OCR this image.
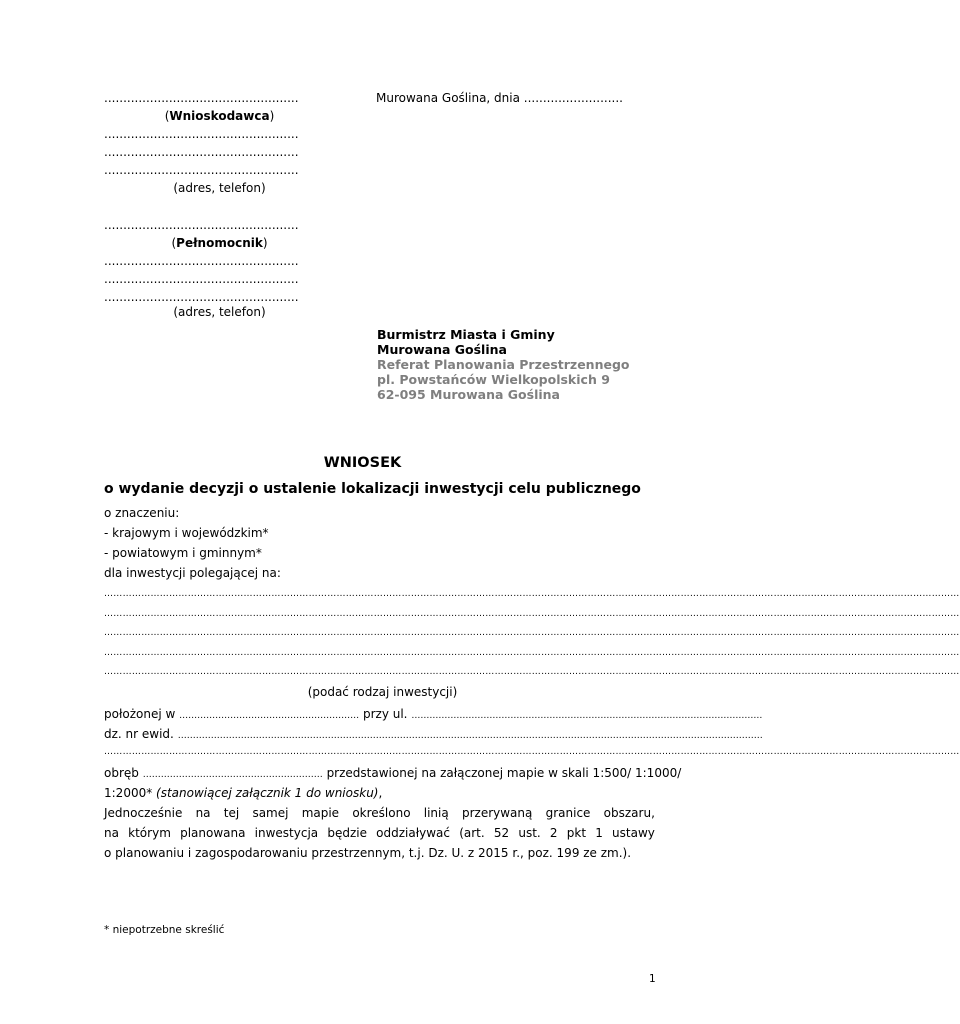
...................................................
(Wnioskodawca)
...................................................
...................................................
...................................................
(adres, telefon)
Murowana Goślina, dnia ..........................
...................................................
(Pełnomocnik)
...................................................
...................................................
...................................................
(adres, telefon)
Burmistrz Miasta i Gminy
Murowana Goślina
Referat Planowania Przestrzennego
pl. Powstańców Wielkopolskich 9
62-095 Murowana Goślina
WNIOSEK
o wydanie decyzji o ustalenie lokalizacji inwestycji celu publicznego
o znaczeniu:
- krajowym i wojewódzkim*
- powiatowym i gminnym*
dla inwestycji polegającej na:
……………………………………………………………………………………………………………………………………………………………………………………………………………………………………………………
……………………………………………………………………………………………………………………………………………………………………………………………………………………………………………………
……………………………………………………………………………………………………………………………………………………………………………………………………………………………………………………
……………………………………………………………………………………………………………………………………………………………………………………………………………………………………………………
……………………………………………………………………………………………………………………………………………………………………………………………………………………………………………………
(podać rodzaj inwestycji)
położonej w …………………………………………………… przy ul. ………………………………………………………………………………………………………
dz. nr ewid. ……………………………………………………………………………………………………………………………………………………………………………
……………………………………………………………………………………………………………………………………………………………………………………………………………………………………………………
obręb …………………………………………………… przedstawionej na załączonej mapie w skali 1:500/ 1:1000/
1:2000* (stanowiącej załącznik 1 do wniosku),
Jednocześnie na tej samej mapie określono linią przerywaną granice obszaru,
na którym planowana inwestycja będzie oddziaływać (art. 52 ust. 2 pkt 1 ustawy
o planowaniu i zagospodarowaniu przestrzennym, t.j. Dz. U. z 2015 r., poz. 199 ze zm.).
* niepotrzebne skreślić
1
